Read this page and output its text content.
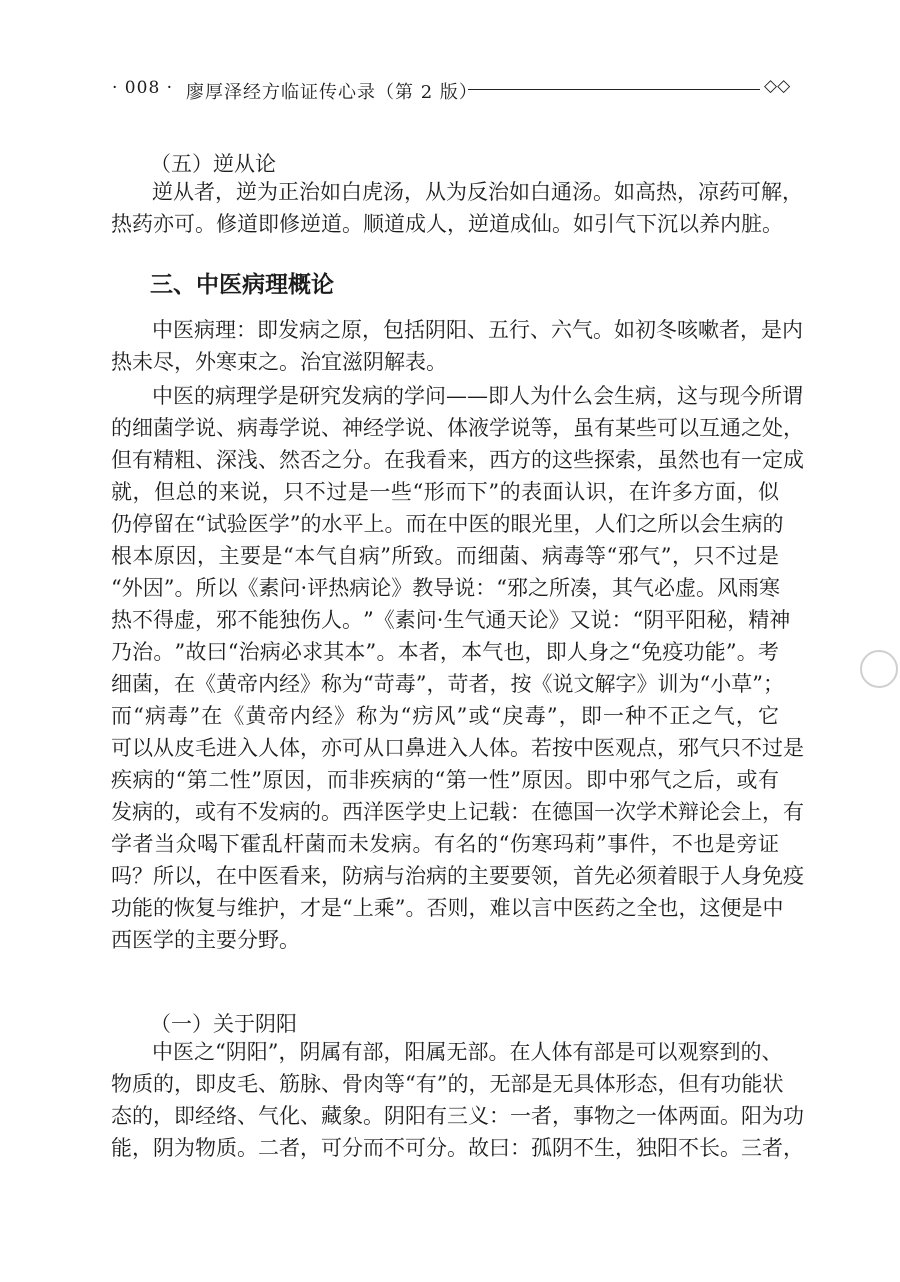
· 008 · 廖厚泽经方临证传心录（第 2 版）	◇◇
（五）逆从论
逆 从 者 ， 逆 为 正 治 如 白 虎 汤 ， 从 为 反 治 如 白 通 汤 。 如 高 热 ， 凉 药 可 解 ，
热药亦可。修道即修逆道。顺道成人，逆道成仙。如引气下沉以养内脏。
三、中医病理概论
中 医 病 理 ： 即 发 病 之 原 ， 包 括 阴 阳 、 五 行 、 六 气 。 如 初 冬 咳 嗽 者 ， 是 内
热未尽，外寒束之。治宜滋阴解表。
中 医 的 病 理 学 是 研 究 发 病 的 学 问 — — 即 人 为 什 么 会 生 病 ， 这 与 现 今 所 谓
的 细 菌 学 说 、 病 毒 学 说 、 神 经 学 说 、 体 液 学 说 等 ， 虽 有 某 些 可 以 互 通 之 处 ，
但 有 精 粗 、 深 浅 、 然 否 之 分 。 在 我 看 来 ， 西 方 的 这 些 探 索 ， 虽 然 也 有 一 定 成
就 ， 但 总 的 来 说 ， 只 不 过 是 一 些 “ 形 而 下 ” 的 表 面 认 识 ， 在 许 多 方 面 ， 似
仍 停 留 在 “ 试 验 医 学 ” 的 水 平 上 。 而 在 中 医 的 眼 光 里 ， 人 们 之 所 以 会 生 病 的
根 本 原 因 ， 主 要 是 “ 本 气 自 病 ” 所 致 。 而 细 菌 、 病 毒 等 “ 邪 气 ” ， 只 不 过 是
“ 外 因 ” 。 所 以 《 素 问 · 评 热 病 论 》 教 导 说 ： “ 邪 之 所 凑 ， 其 气 必 虚 。 风 雨 寒
热 不 得 虚 ， 邪 不 能 独 伤 人 。 ” 《 素 问 · 生 气 通 天 论 》 又 说 ： “ 阴 平 阳 秘 ， 精 神
乃 治 。 ” 故 曰 “ 治 病 必 求 其 本 ” 。 本 者 ， 本 气 也 ， 即 人 身 之 “ 免 疫 功 能 ” 。 考
细 菌 ， 在 《 黄 帝 内 经 》 称 为 “ 苛 毒 ” ， 苛 者 ， 按 《 说 文 解 字 》 训 为 “ 小 草 ” ；
而 “ 病 毒 ” 在 《 黄 帝 内 经 》 称 为 “ 疠 风 ” 或 “ 戾 毒 ” ， 即 一 种 不 正 之 气 ， 它
可 以 从 皮 毛 进 入 人 体 ， 亦 可 从 口 鼻 进 入 人 体 。 若 按 中 医 观 点 ， 邪 气 只 不 过 是
疾 病 的 “ 第 二 性 ” 原 因 ， 而 非 疾 病 的 “ 第 一 性 ” 原 因 。 即 中 邪 气 之 后 ， 或 有
发 病 的 ， 或 有 不 发 病 的 。 西 洋 医 学 史 上 记 载 ： 在 德 国 一 次 学 术 辩 论 会 上 ， 有
学 者 当 众 喝 下 霍 乱 杆 菌 而 未 发 病 。 有 名 的 “ 伤 寒 玛 莉 ” 事 件 ， 不 也 是 旁 证
吗 ？ 所 以 ， 在 中 医 看 来 ， 防 病 与 治 病 的 主 要 要 领 ， 首 先 必 须 着 眼 于 人 身 免 疫
功 能 的 恢 复 与 维 护 ， 才 是 “ 上 乘 ” 。 否 则 ， 难 以 言 中 医 药 之 全 也 ， 这 便 是 中
西医学的主要分野。
（一）关于阴阳
中 医 之 “ 阴 阳 ” ， 阴 属 有 部 ， 阳 属 无 部 。 在 人 体 有 部 是 可 以 观 察 到 的 、
物 质 的 ， 即 皮 毛 、 筋 脉 、 骨 肉 等 “ 有 ” 的 ， 无 部 是 无 具 体 形 态 ， 但 有 功 能 状
态 的 ， 即 经 络 、 气 化 、 藏 象 。 阴 阳 有 三 义 ： 一 者 ， 事 物 之 一 体 两 面 。 阳 为 功
能 ， 阴 为 物 质 。 二 者 ， 可 分 而 不 可 分 。 故 曰 ： 孤 阴 不 生 ， 独 阳 不 长 。 三 者 ，
